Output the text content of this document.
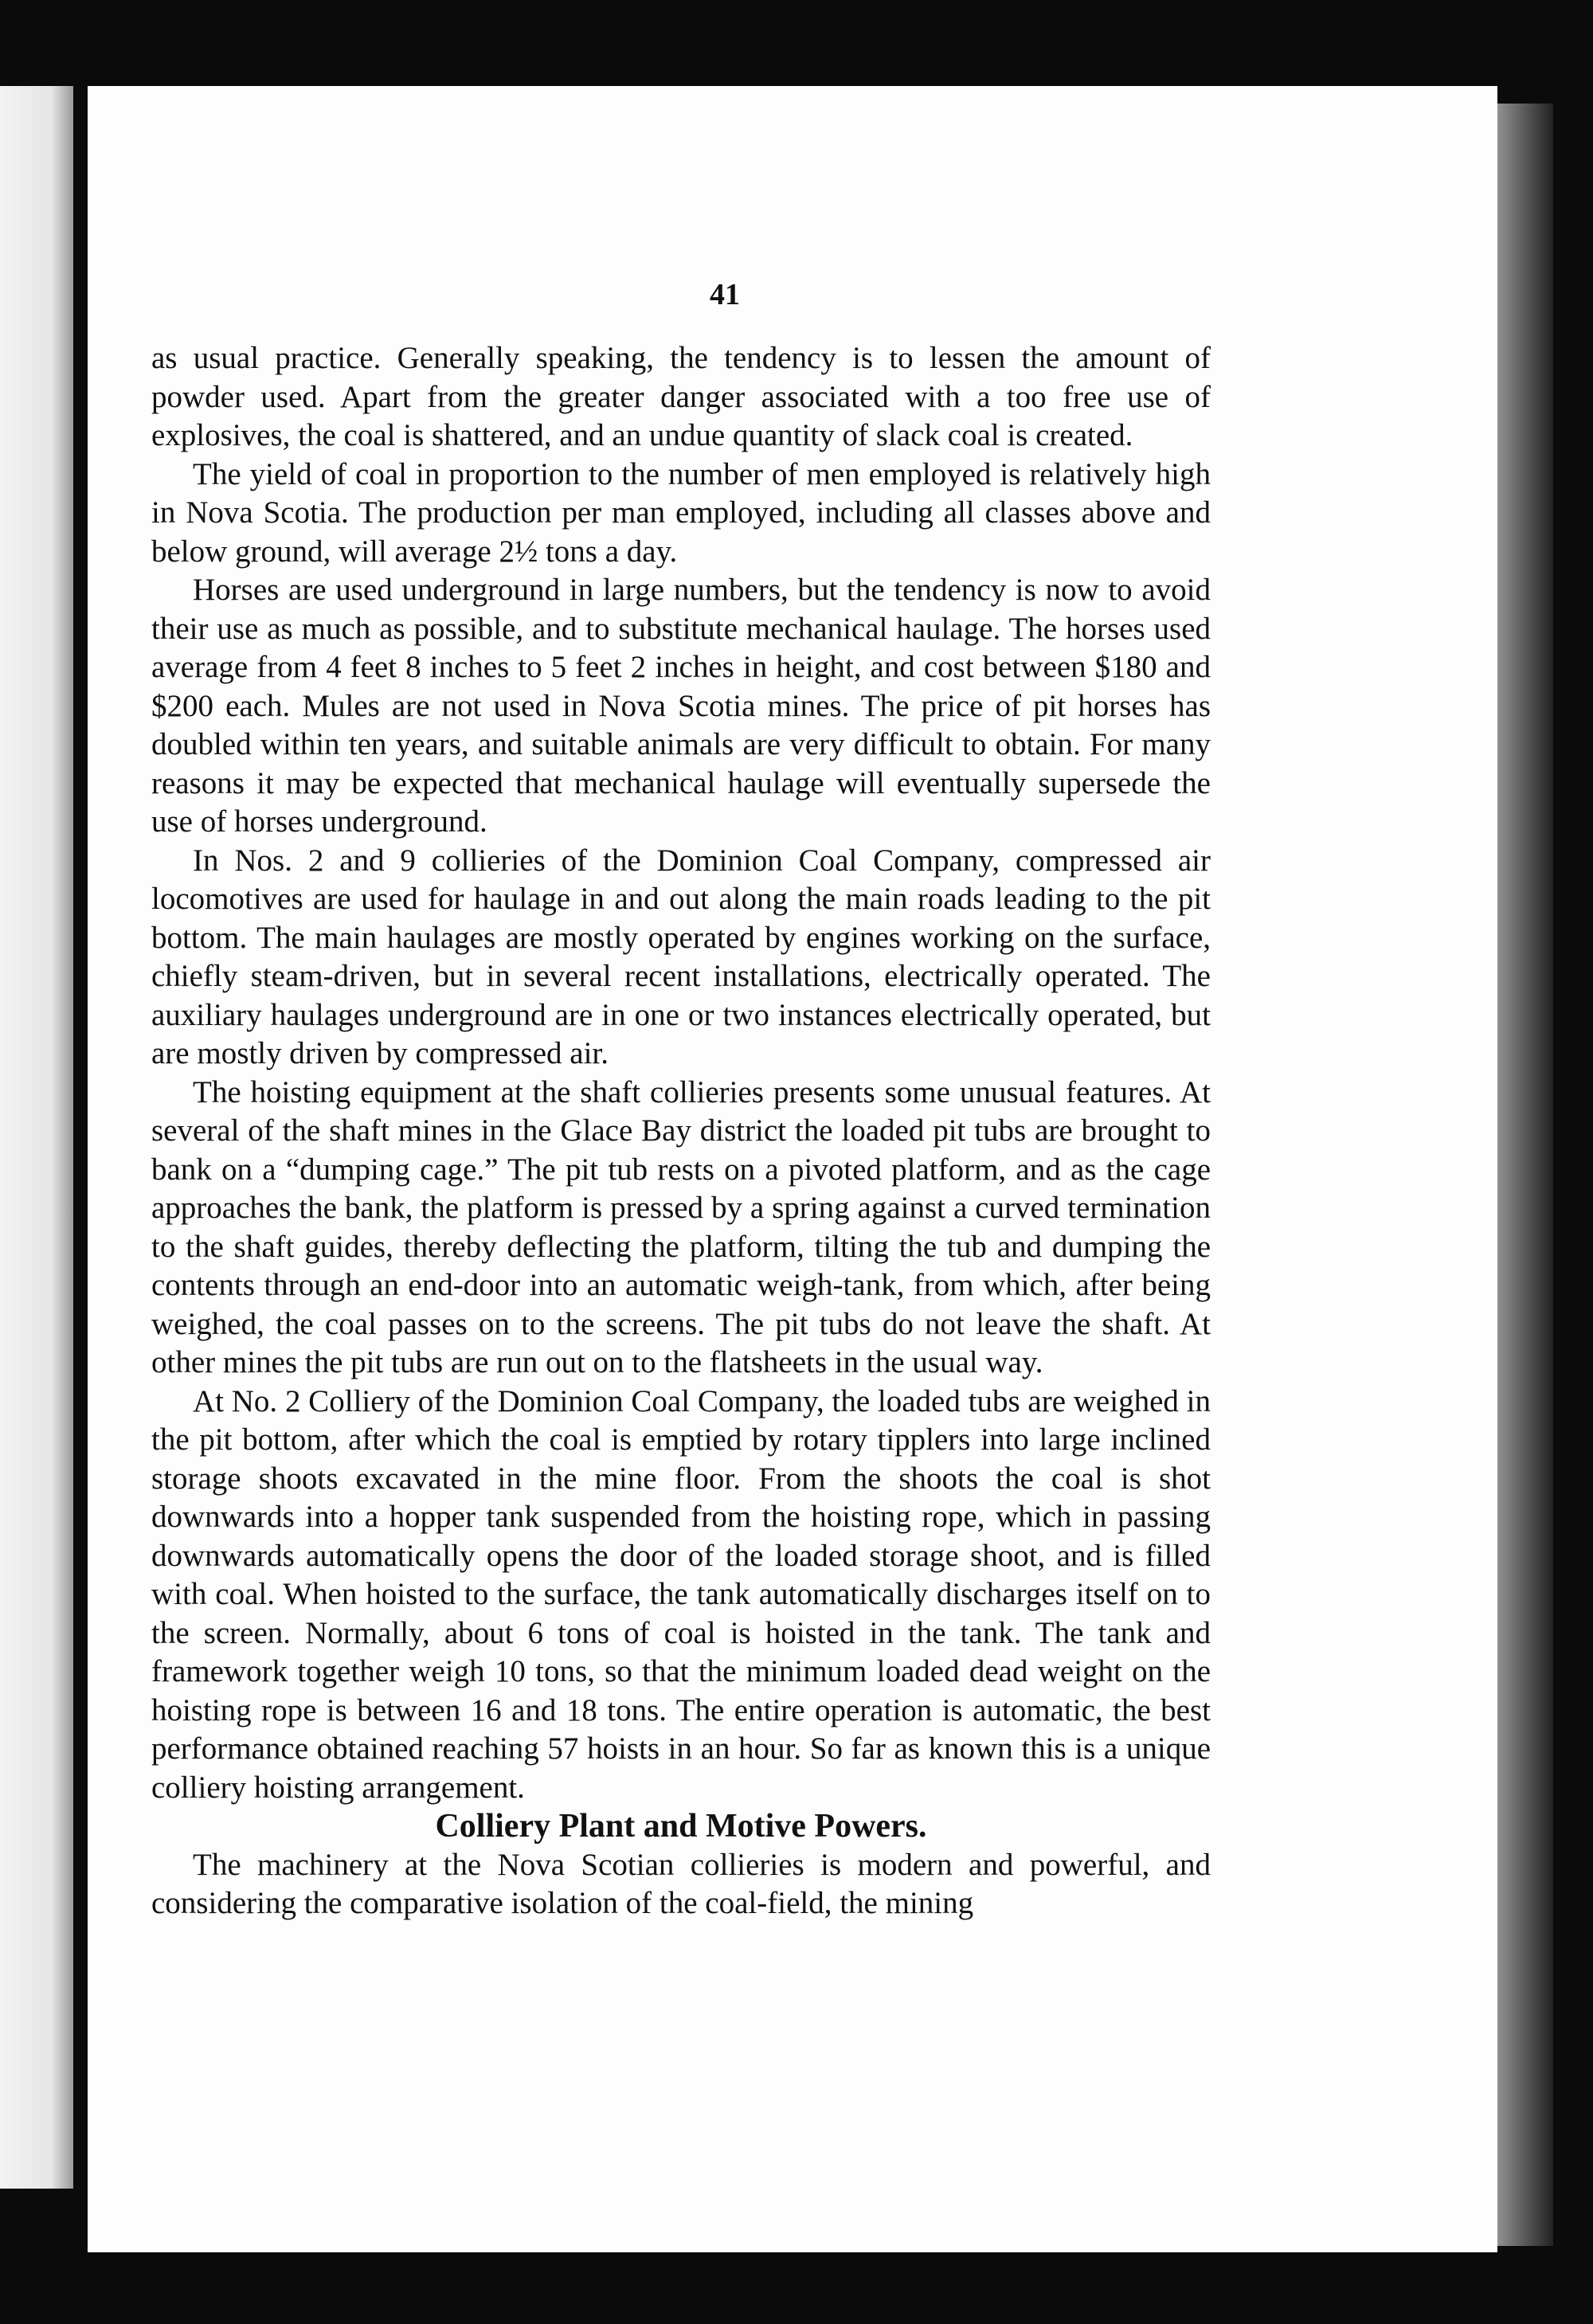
41

as usual practice. Generally speaking, the tendency is to lessen the amount of powder used. Apart from the greater danger associated with a too free use of explosives, the coal is shattered, and an undue quantity of slack coal is created.

The yield of coal in proportion to the number of men employed is relatively high in Nova Scotia. The production per man employed, including all classes above and below ground, will average 2½ tons a day.

Horses are used underground in large numbers, but the tendency is now to avoid their use as much as possible, and to substitute mechanical haulage. The horses used average from 4 feet 8 inches to 5 feet 2 inches in height, and cost between $180 and $200 each. Mules are not used in Nova Scotia mines. The price of pit horses has doubled within ten years, and suitable animals are very difficult to obtain. For many reasons it may be expected that mechanical haulage will eventually supersede the use of horses underground.

In Nos. 2 and 9 collieries of the Dominion Coal Company, compressed air locomotives are used for haulage in and out along the main roads leading to the pit bottom. The main haulages are mostly operated by engines working on the surface, chiefly steam-driven, but in several recent installations, electrically operated. The auxiliary haulages underground are in one or two instances electrically operated, but are mostly driven by compressed air.

The hoisting equipment at the shaft collieries presents some unusual features. At several of the shaft mines in the Glace Bay district the loaded pit tubs are brought to bank on a “dumping cage.” The pit tub rests on a pivoted platform, and as the cage approaches the bank, the platform is pressed by a spring against a curved termination to the shaft guides, thereby deflecting the platform, tilting the tub and dumping the contents through an end-door into an automatic weigh-tank, from which, after being weighed, the coal passes on to the screens. The pit tubs do not leave the shaft. At other mines the pit tubs are run out on to the flatsheets in the usual way.

At No. 2 Colliery of the Dominion Coal Company, the loaded tubs are weighed in the pit bottom, after which the coal is emptied by rotary tipplers into large inclined storage shoots excavated in the mine floor. From the shoots the coal is shot downwards into a hopper tank suspended from the hoisting rope, which in passing downwards automatically opens the door of the loaded storage shoot, and is filled with coal. When hoisted to the surface, the tank automatically discharges itself on to the screen. Normally, about 6 tons of coal is hoisted in the tank. The tank and framework together weigh 10 tons, so that the minimum loaded dead weight on the hoisting rope is between 16 and 18 tons. The entire operation is automatic, the best performance obtained reaching 57 hoists in an hour. So far as known this is a unique colliery hoisting arrangement.

Colliery Plant and Motive Powers.

The machinery at the Nova Scotian collieries is modern and powerful, and considering the comparative isolation of the coal-field, the mining
